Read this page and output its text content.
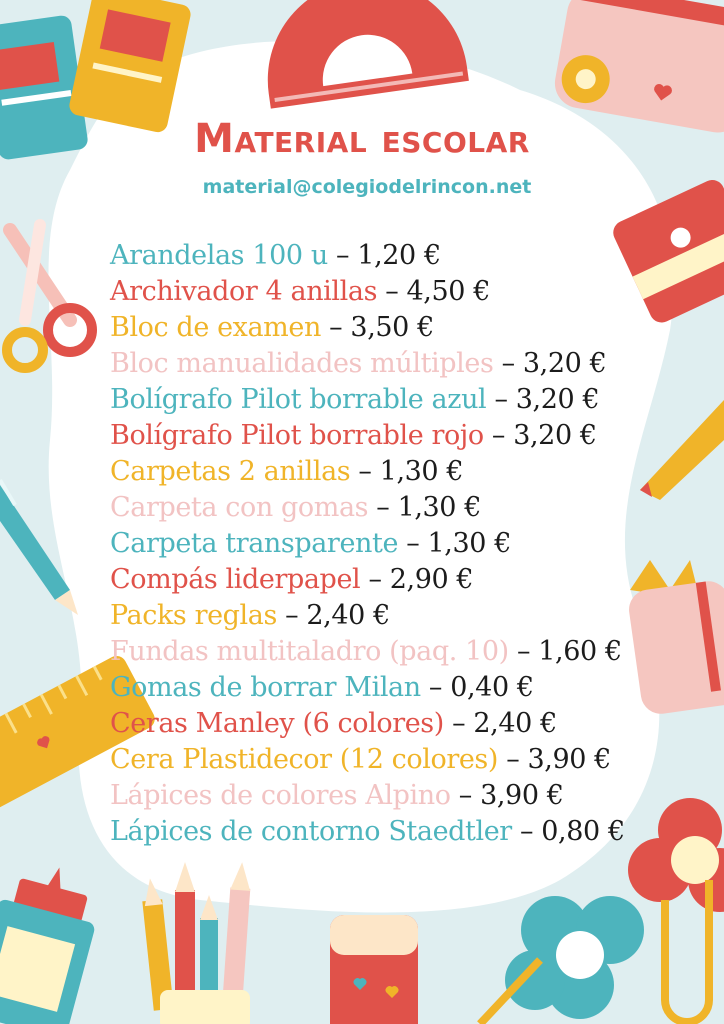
Material escolar

material@colegiodelrincon.net

Arandelas 100 u – 1,20 €
Archivador 4 anillas – 4,50 €
Bloc de examen – 3,50 €
Bloc manualidades múltiples – 3,20 €
Bolígrafo Pilot borrable azul – 3,20 €
Bolígrafo Pilot borrable rojo – 3,20 €
Carpetas 2 anillas – 1,30 €
Carpeta con gomas – 1,30 €
Carpeta transparente – 1,30 €
Compás liderpapel – 2,90 €
Packs reglas – 2,40 €
Fundas multitaladro (paq. 10) – 1,60 €
Gomas de borrar Milan – 0,40 €
Ceras Manley (6 colores) – 2,40 €
Cera Plastidecor (12 colores) – 3,90 €
Lápices de colores Alpino – 3,90 €
Lápices de contorno Staedtler – 0,80 €
